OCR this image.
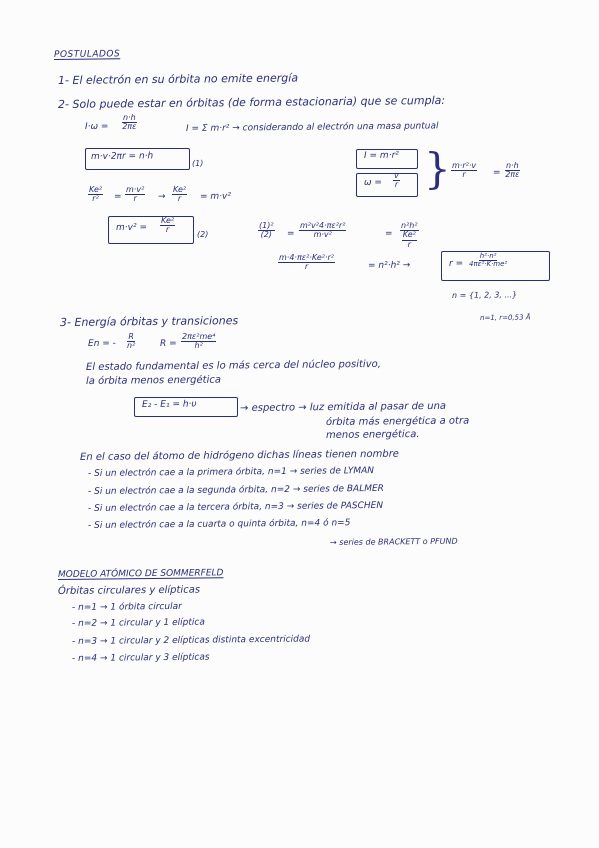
POSTULADOS
1- El electrón en su órbita no emite energía
2- Solo puede estar en órbitas (de forma estacionaria) que se cumpla:
$I\cdot\omega = \frac{n\cdot h}{2\pi\varepsilon}$	I = Σ m·r² → considerando al electrón una masa puntual
m·v·2πr = n·h
(1)
I = m·r²
$\omega = \frac{v}{r}$ } $\frac{\text{m·r²·v}}{r} = \frac{n\cdot h}{2\pi\varepsilon}$
$\frac{\text{Ke²}}{\text{r²}} = \frac{\text{m·v²}}{r} \to \frac{\text{Ke²}}{r} = m\cdot v^2$
$m\cdot v^2 = \frac{\text{Ke²}}{r}$	(2)	$\frac{\text{(1)²}}{(2)} = \frac{\text{m²v²4·πε²r²}}{\text{m·v²}}$	=
n²h²
Ke²
r
$\frac{\text{m·4·πε²·Ke²·r²}}{r}$	= n²·h² →	$r = \frac{\text{h²·n²}}{\text{4πε²·K·me²}}$
n = {1, 2, 3, ...}
n=1, r=0,53 Å
3- Energía órbitas y transiciones
En = - $\frac{R}{\text{n²}}$	$R = \frac{\text{2πε²me⁴}}{\text{h²}}$
El estado fundamental es lo más cerca del núcleo positivo,
la órbita menos energética
E₂ - E₁ = h·υ	→ espectro → luz emitida al pasar de una
órbita más energética a otra
menos energética.
En el caso del átomo de hidrógeno dichas líneas tienen nombre
- Si un electrón cae a la primera órbita, n=1 → series de LYMAN
- Si un electrón cae a la segunda órbita, n=2 → series de BALMER
- Si un electrón cae a la tercera órbita, n=3 → series de PASCHEN
- Si un electrón cae a la cuarta o quinta órbita, n=4 ó n=5
→ series de BRACKETT o PFUND
MODELO ATÓMICO DE SOMMERFELD
Órbitas circulares y elípticas
- n=1 → 1 órbita circular
- n=2 → 1 circular y 1 elíptica
- n=3 → 1 circular y 2 elípticas distinta excentricidad
- n=4 → 1 circular y 3 elípticas
